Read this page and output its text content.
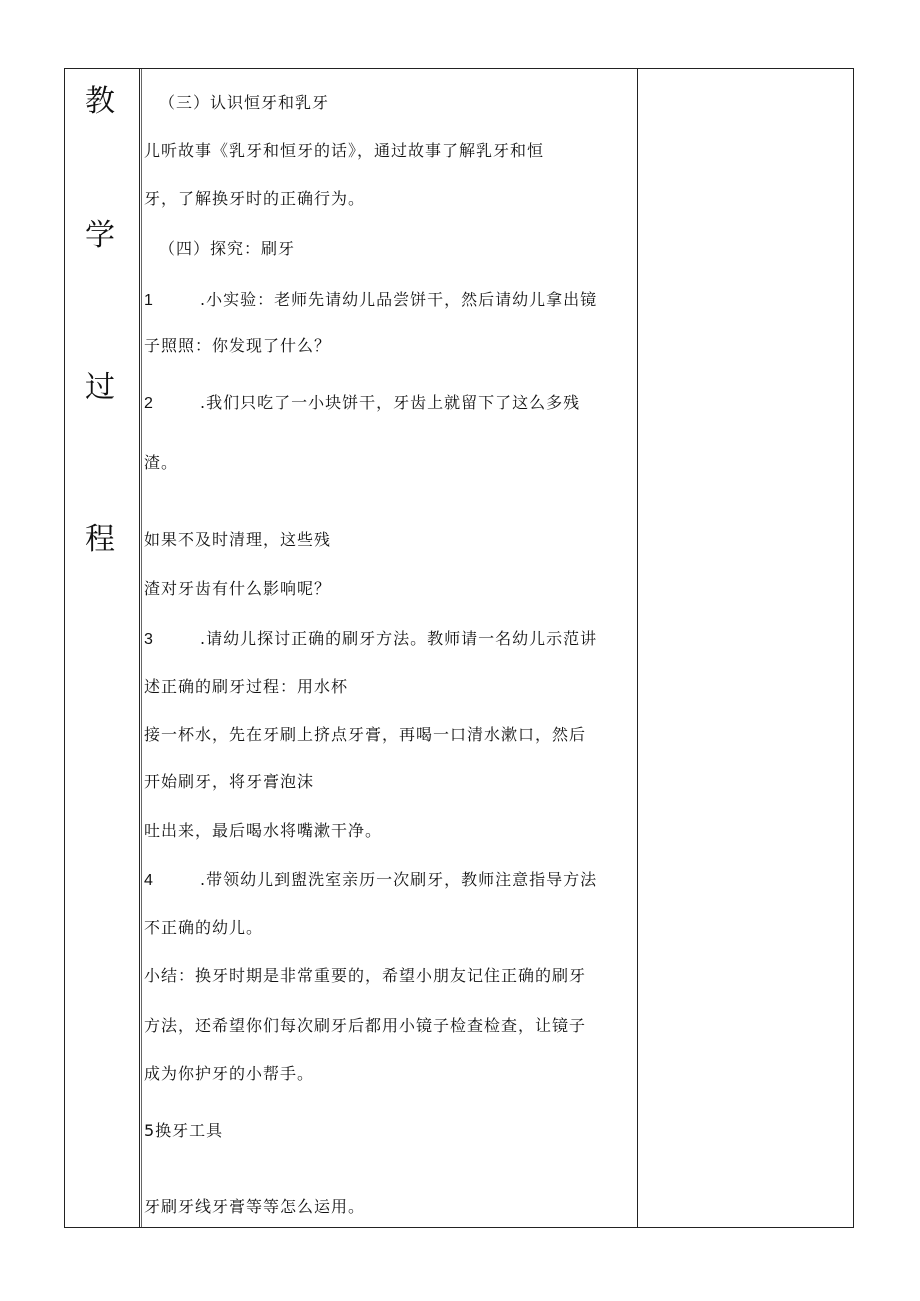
教
学
过
程
（三）认识恒牙和乳牙
儿听故事《乳牙和恒牙的话》，通过故事了解乳牙和恒
牙，了解换牙时的正确行为。
（四）探究：刷牙
1	.小实验：老师先请幼儿品尝饼干，然后请幼儿拿出镜
子照照：你发现了什么？
2	.我们只吃了一小块饼干，牙齿上就留下了这么多残
渣。
如果不及时清理，这些残
渣对牙齿有什么影响呢？
3	.请幼儿探讨正确的刷牙方法。教师请一名幼儿示范讲
述正确的刷牙过程：用水杯
接一杯水，先在牙刷上挤点牙膏，再喝一口清水漱口，然后
开始刷牙，将牙膏泡沫
吐出来，最后喝水将嘴漱干净。
4	.带领幼儿到盥洗室亲历一次刷牙，教师注意指导方法
不正确的幼儿。
小结：换牙时期是非常重要的，希望小朋友记住正确的刷牙
方法，还希望你们每次刷牙后都用小镜子检查检查，让镜子
成为你护牙的小帮手。
5换牙工具
牙刷牙线牙膏等等怎么运用。
